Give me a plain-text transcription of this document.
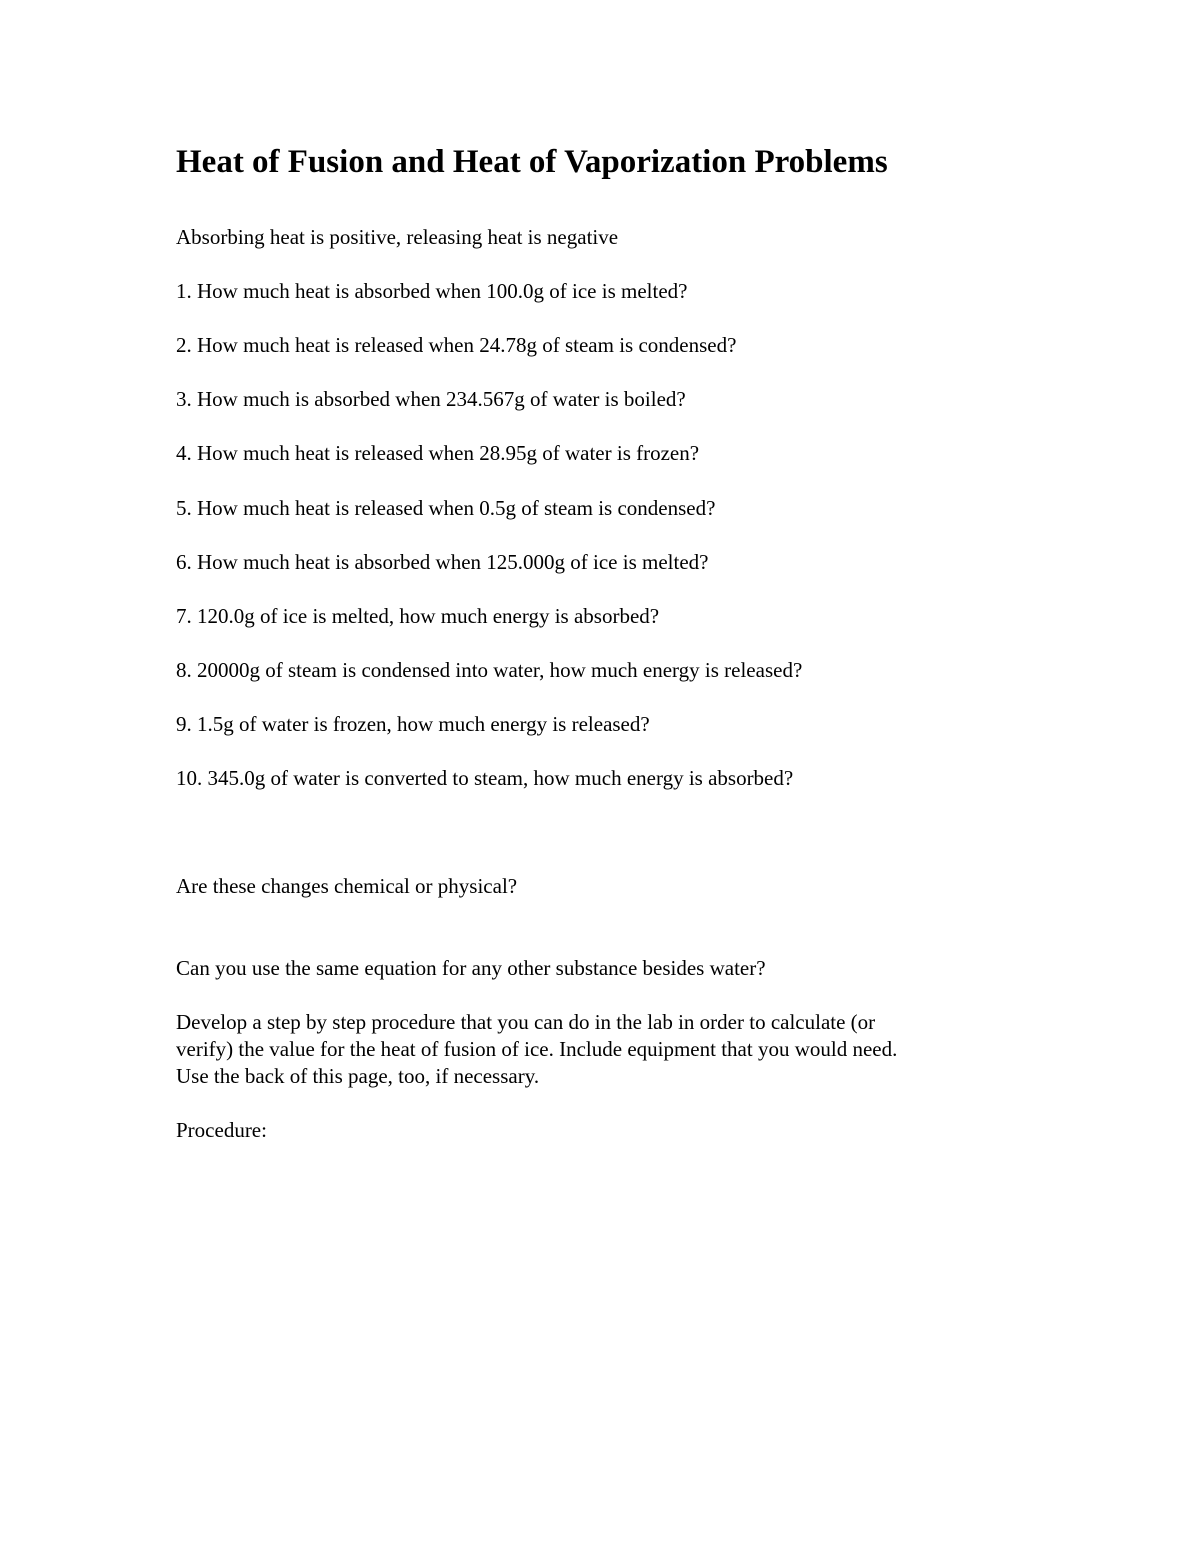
Heat of Fusion and Heat of Vaporization Problems

Absorbing heat is positive, releasing heat is negative

1. How much heat is absorbed when 100.0g of ice is melted?

2. How much heat is released when 24.78g of steam is condensed?

3. How much is absorbed when 234.567g of water is boiled?

4. How much heat is released when 28.95g of water is frozen?

5. How much heat is released when 0.5g of steam is condensed?

6. How much heat is absorbed when 125.000g of ice is melted?

7. 120.0g of ice is melted, how much energy is absorbed?

8. 20000g of steam is condensed into water, how much energy is released?

9. 1.5g of water is frozen, how much energy is released?

10. 345.0g of water is converted to steam, how much energy is absorbed?

Are these changes chemical or physical?

Can you use the same equation for any other substance besides water?

Develop a step by step procedure that you can do in the lab in order to calculate (or
verify) the value for the heat of fusion of ice. Include equipment that you would need.
Use the back of this page, too, if necessary.

Procedure:
